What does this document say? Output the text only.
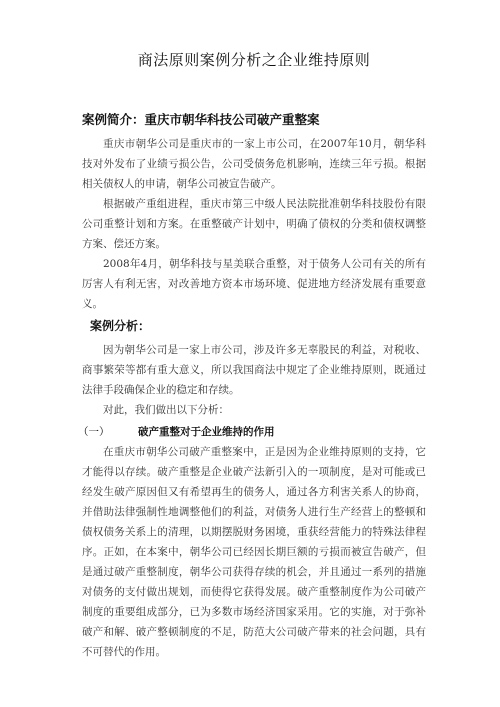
商法原则案例分析之企业维持原则
案例简介：重庆市朝华科技公司破产重整案

重庆市朝华公司是重庆市的一家上市公司，在2007年10月，朝华科技对外发布了业绩亏损公告，公司受债务危机影响，连续三年亏损。根据相关债权人的申请，朝华公司被宣告破产。

根据破产重组进程，重庆市第三中级人民法院批准朝华科技股份有限公司重整计划和方案。在重整破产计划中，明确了债权的分类和债权调整方案、偿还方案。

2008年4月，朝华科技与星美联合重整，对于债务人公司有关的所有厉害人有利无害，对改善地方资本市场环境、促进地方经济发展有重要意义。

案例分析：

因为朝华公司是一家上市公司，涉及许多无辜股民的利益，对税收、商事繁荣等都有重大意义，所以我国商法中规定了企业维持原则，既通过法律手段确保企业的稳定和存续。

对此，我们做出以下分析：

（一）	破产重整对于企业维持的作用

在重庆市朝华公司破产重整案中，正是因为企业维持原则的支持，它才能得以存续。破产重整是企业破产法新引入的一项制度，是对可能或已经发生破产原因但又有希望再生的债务人，通过各方利害关系人的协商，并借助法律强制性地调整他们的利益，对债务人进行生产经营上的整顿和债权债务关系上的清理，以期摆脱财务困境，重获经营能力的特殊法律程序。正如，在本案中，朝华公司已经因长期巨额的亏损而被宣告破产，但是通过破产重整制度，朝华公司获得存续的机会，并且通过一系列的措施对债务的支付做出规划，而使得它获得发展。破产重整制度作为公司破产制度的重要组成部分，已为多数市场经济国家采用。它的实施，对于弥补破产和解、破产整顿制度的不足，防范大公司破产带来的社会问题，具有不可替代的作用。
